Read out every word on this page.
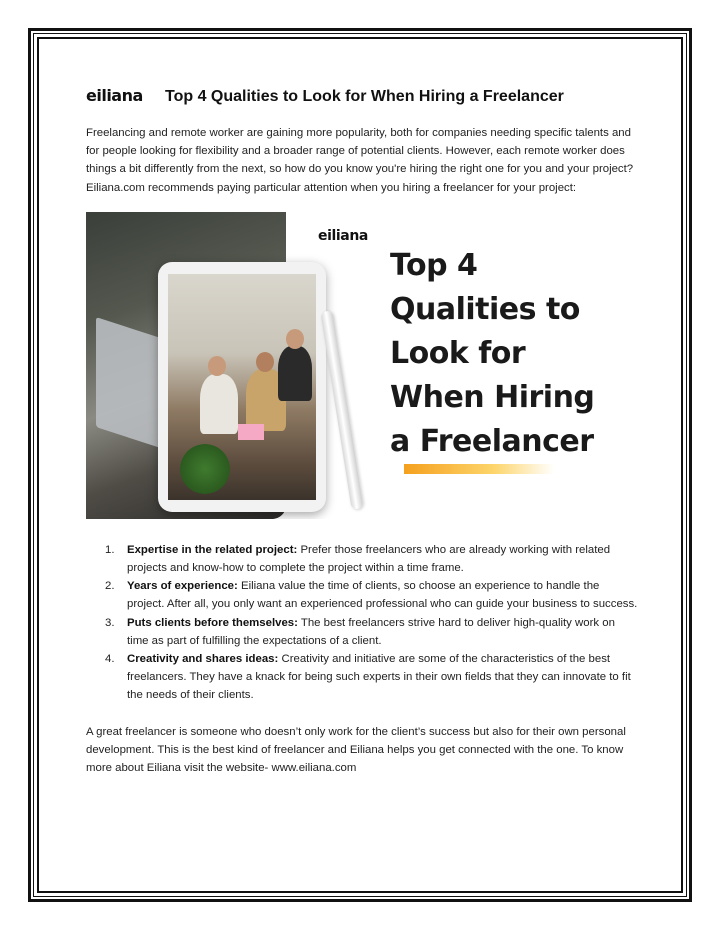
eiliana Top 4 Qualities to Look for When Hiring a Freelancer

Freelancing and remote worker are gaining more popularity, both for companies needing specific talents and for people looking for flexibility and a broader range of potential clients. However, each remote worker does things a bit differently from the next, so how do you know you're hiring the right one for you and your project? Eiliana.com recommends paying particular attention when you hiring a freelancer for your project:

eiliana
Top 4
Qualities to
Look for
When Hiring
a Freelancer
1. Expertise in the related project: Prefer those freelancers who are already working with related projects and know-how to complete the project within a time frame.
2. Years of experience: Eiliana value the time of clients, so choose an experience to handle the project. After all, you only want an experienced professional who can guide your business to success.
3. Puts clients before themselves: The best freelancers strive hard to deliver high-quality work on time as part of fulfilling the expectations of a client.
4. Creativity and shares ideas: Creativity and initiative are some of the characteristics of the best freelancers. They have a knack for being such experts in their own fields that they can innovate to fit the needs of their clients.

A great freelancer is someone who doesn’t only work for the client’s success but also for their own personal development. This is the best kind of freelancer and Eiliana helps you get connected with the one. To know more about Eiliana visit the website- www.eiliana.com
